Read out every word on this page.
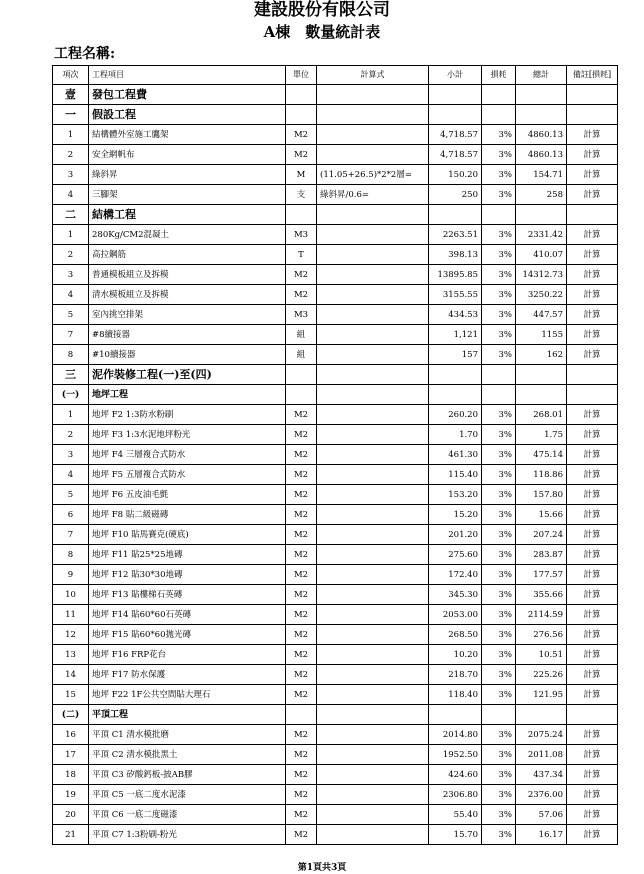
建設股份有限公司
A棟　數量統計表
工程名稱:
項次	工程項目	單位	計算式	小計	損耗	總計	備註[損耗]
壹	發包工程費						
一	假設工程						
1	結構體外室施工鷹架	M2		4,718.57	3%	4860.13	計算
2	安全網帆布	M2		4,718.57	3%	4860.13	計算
3	綠斜昇	M	(11.05+26.5)*2*2層=	150.20	3%	154.71	計算
4	三腳架	支	綠斜昇/0.6=	250	3%	258	計算
二	結構工程						
1	280Kg/CM2混凝土	M3		2263.51	3%	2331.42	計算
2	高拉鋼筋	T		398.13	3%	410.07	計算
3	普通模板組立及拆模	M2		13895.85	3%	14312.73	計算
4	清水模板組立及拆模	M2		3155.55	3%	3250.22	計算
5	室內挑空排架	M3		434.53	3%	447.57	計算
7	#8續接器	組		1,121	3%	1155	計算
8	#10續接器	組		157	3%	162	計算
三	泥作裝修工程(一)至(四)						
(一)	地坪工程						
1	地坪 F2 1:3防水粉刷	M2		260.20	3%	268.01	計算
2	地坪 F3 1:3水泥地坪粉光	M2		1.70	3%	1.75	計算
3	地坪 F4 三層複合式防水	M2		461.30	3%	475.14	計算
4	地坪 F5 五層複合式防水	M2		115.40	3%	118.86	計算
5	地坪 F6 五皮油毛氈	M2		153.20	3%	157.80	計算
6	地坪 F8 貼二級磁磚	M2		15.20	3%	15.66	計算
7	地坪 F10 貼馬賽克(硬底)	M2		201.20	3%	207.24	計算
8	地坪 F11 貼25*25地磚	M2		275.60	3%	283.87	計算
9	地坪 F12 貼30*30地磚	M2		172.40	3%	177.57	計算
10	地坪 F13 貼樓梯石英磚	M2		345.30	3%	355.66	計算
11	地坪 F14 貼60*60石英磚	M2		2053.00	3%	2114.59	計算
12	地坪 F15 貼60*60拋光磚	M2		268.50	3%	276.56	計算
13	地坪 F16 FRP花台	M2		10.20	3%	10.51	計算
14	地坪 F17 防水保護	M2		218.70	3%	225.26	計算
15	地坪 F22 1F公共空間貼大理石	M2		118.40	3%	121.95	計算
(二)	平頂工程						
16	平頂 C1 清水模批磨	M2		2014.80	3%	2075.24	計算
17	平頂 C2 清水模批黑土	M2		1952.50	3%	2011.08	計算
18	平頂 C3 矽酸鈣板-披AB膠	M2		424.60	3%	437.34	計算
19	平頂 C5 一底二度水泥漆	M2		2306.80	3%	2376.00	計算
20	平頂 C6 一底二度磁漆	M2		55.40	3%	57.06	計算
21	平頂 C7 1:3粉刷-粉光	M2		15.70	3%	16.17	計算
第1頁共3頁
